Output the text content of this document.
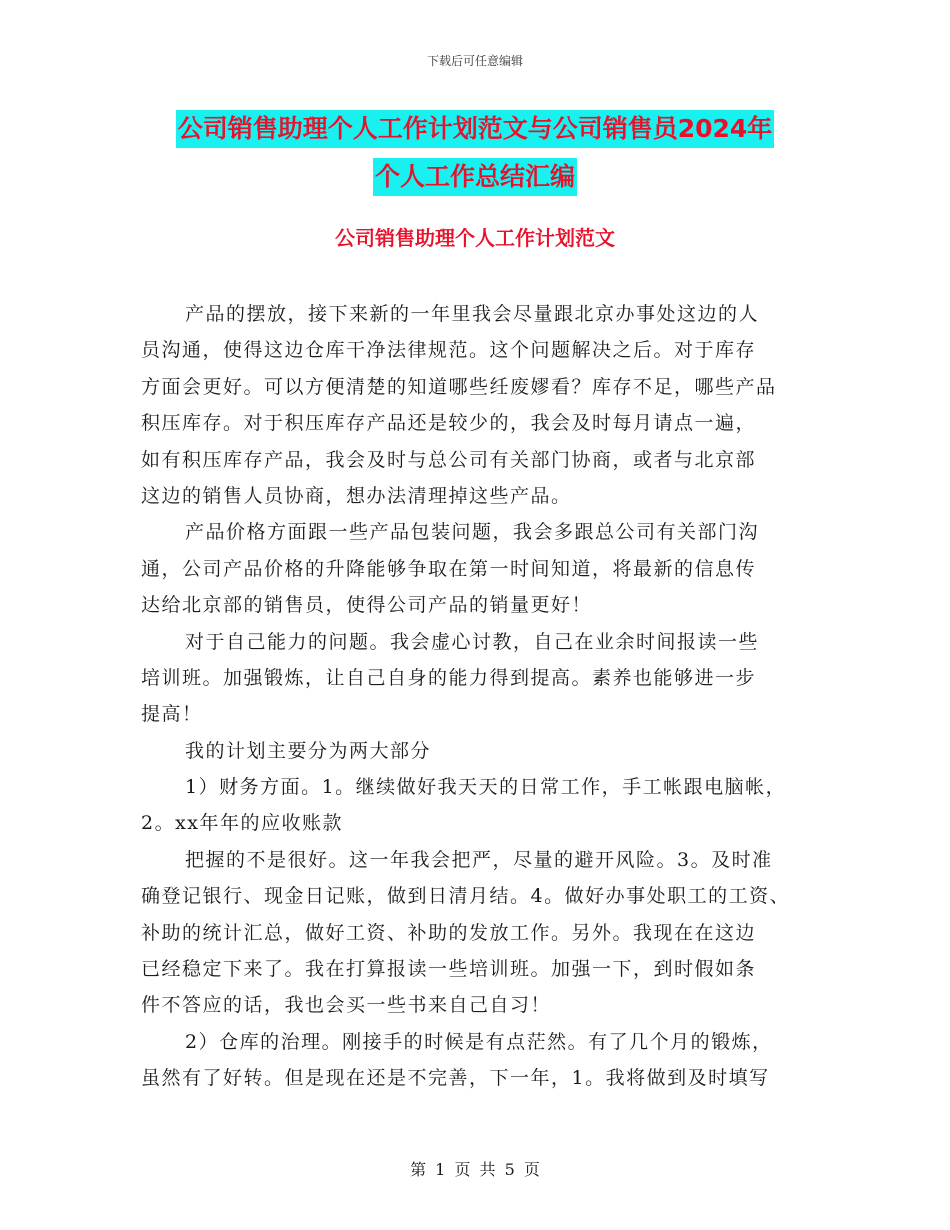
下载后可任意编辑
公司销售助理个人工作计划范文与公司销售员2024年
个人工作总结汇编
公司销售助理个人工作计划范文
产品的摆放，接下来新的一年里我会尽量跟北京办事处这边的人
员沟通，使得这边仓库干净法律规范。这个问题解决之后。对于库存
方面会更好。可以方便清楚的知道哪些纴废嫪看？库存不足，哪些产品
积压库存。对于积压库存产品还是较少的，我会及时每月请点一遍，
如有积压库存产品，我会及时与总公司有关部门协商，或者与北京部
这边的销售人员协商，想办法清理掉这些产品。
产品价格方面跟一些产品包装问题，我会多跟总公司有关部门沟
通，公司产品价格的升降能够争取在第一时间知道，将最新的信息传
达给北京部的销售员，使得公司产品的销量更好！
对于自己能力的问题。我会虚心讨教，自己在业余时间报读一些
培训班。加强锻炼，让自己自身的能力得到提高。素养也能够进一步
提高！
我的计划主要分为两大部分
1）财务方面。1。继续做好我天天的日常工作，手工帐跟电脑帐，
2。xx年年的应收账款
把握的不是很好。这一年我会把严，尽量的避开风险。3。及时准
确登记银行、现金日记账，做到日清月结。4。做好办事处职工的工资、
补助的统计汇总，做好工资、补助的发放工作。另外。我现在在这边
已经稳定下来了。我在打算报读一些培训班。加强一下，到时假如条
件不答应的话，我也会买一些书来自己自习！
2）仓库的治理。刚接手的时候是有点茫然。有了几个月的锻炼，
虽然有了好转。但是现在还是不完善，下一年，1。我将做到及时填写
第 1 页 共 5 页
